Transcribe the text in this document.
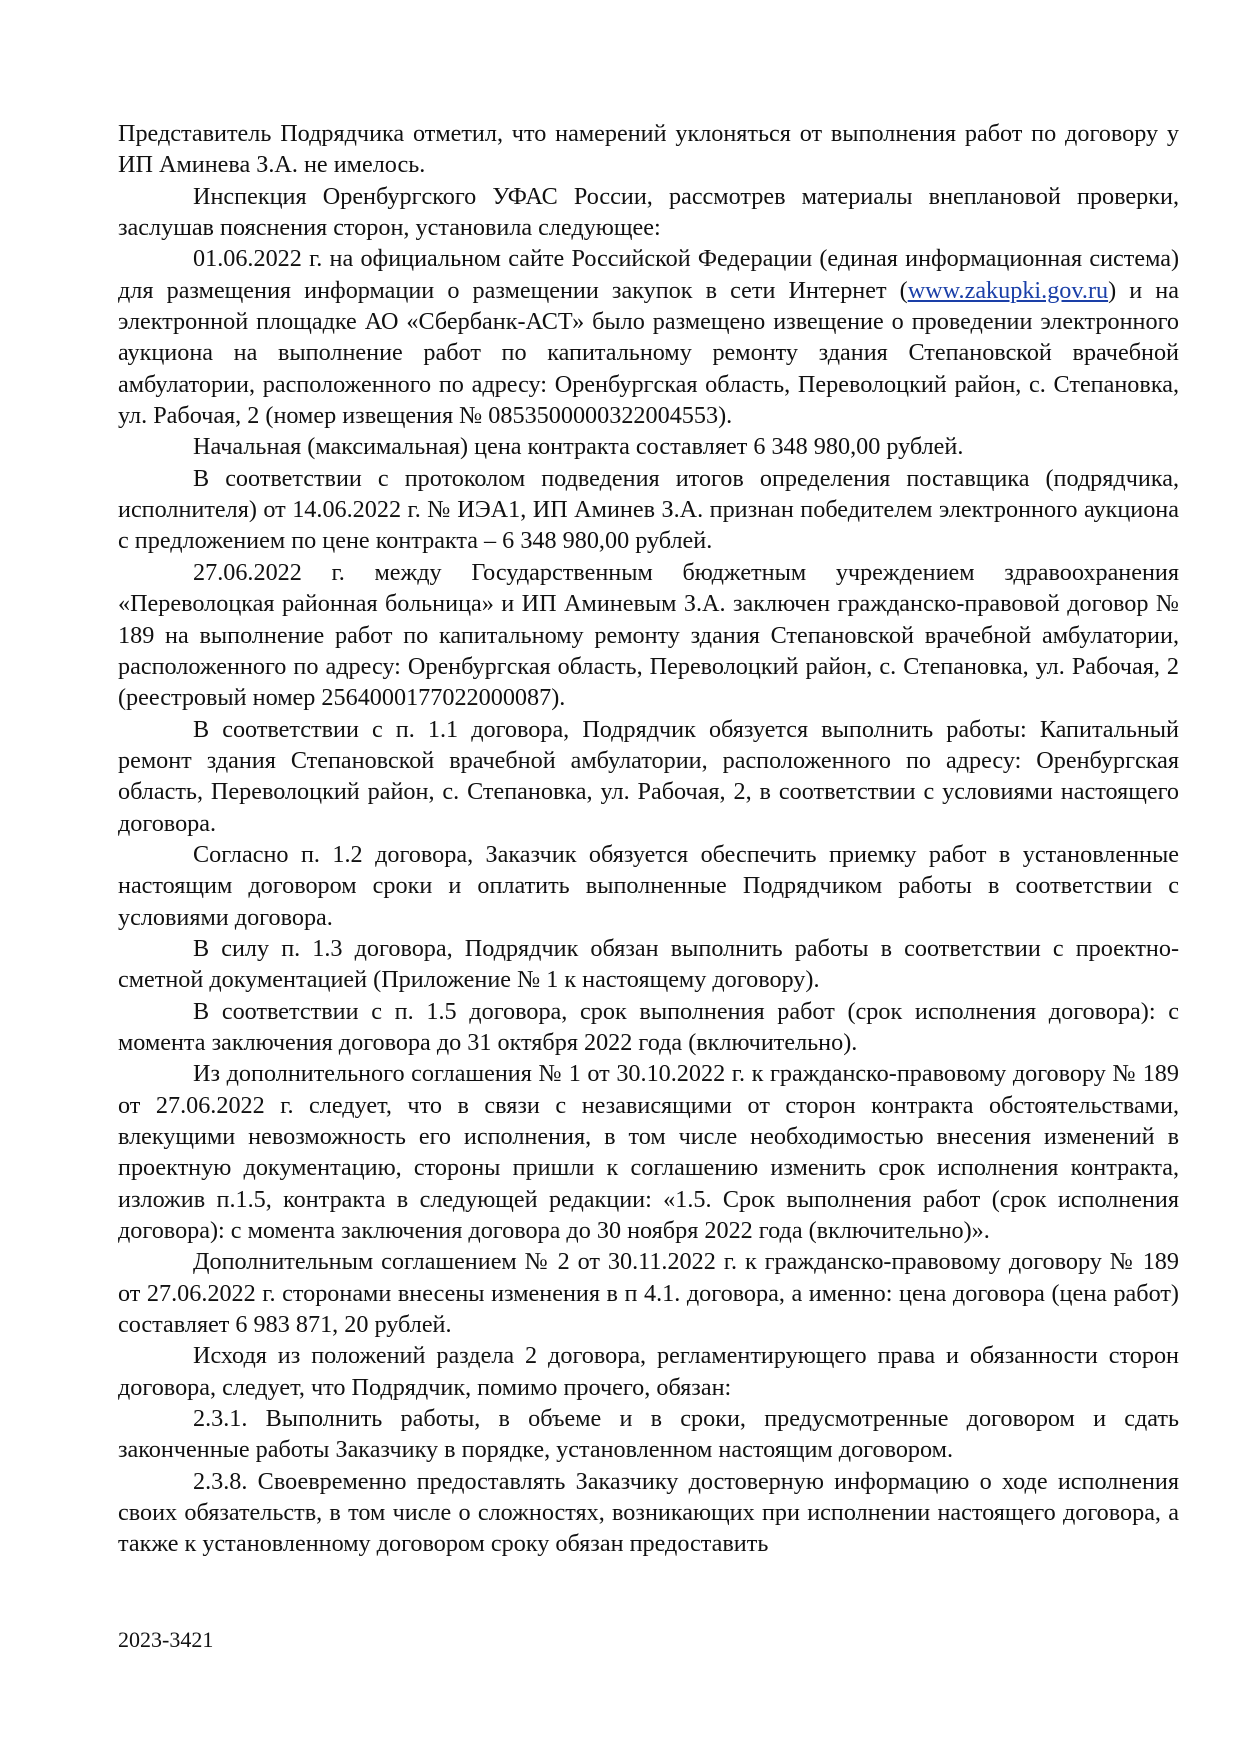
Представитель Подрядчика отметил, что намерений уклоняться от выполнения работ по договору у ИП Аминева З.А. не имелось.

Инспекция Оренбургского УФАС России, рассмотрев материалы внеплановой проверки, заслушав пояснения сторон, установила следующее:

01.06.2022 г. на официальном сайте Российской Федерации (единая информационная система) для размещения информации о размещении закупок в сети Интернет (www.zakupki.gov.ru) и на электронной площадке АО «Сбербанк-АСТ» было размещено извещение о проведении электронного аукциона на выполнение работ по капитальному ремонту здания Степановской врачебной амбулатории, расположенного по адресу: Оренбургская область, Переволоцкий район, с. Степановка, ул. Рабочая, 2 (номер извещения № 0853500000322004553).

Начальная (максимальная) цена контракта составляет 6 348 980,00 рублей.

В соответствии с протоколом подведения итогов определения поставщика (подрядчика, исполнителя) от 14.06.2022 г. № ИЭА1, ИП Аминев З.А. признан победителем электронного аукциона с предложением по цене контракта – 6 348 980,00 рублей.

27.06.2022 г. между Государственным бюджетным учреждением здравоохранения «Переволоцкая районная больница» и ИП Аминевым З.А. заключен гражданско-правовой договор № 189 на выполнение работ по капитальному ремонту здания Степановской врачебной амбулатории, расположенного по адресу: Оренбургская область, Переволоцкий район, с. Степановка, ул. Рабочая, 2 (реестровый номер 2564000177022000087).

В соответствии с п. 1.1 договора, Подрядчик обязуется выполнить работы: Капитальный ремонт здания Степановской врачебной амбулатории, расположенного по адресу: Оренбургская область, Переволоцкий район, с. Степановка, ул. Рабочая, 2, в соответствии с условиями настоящего договора.

Согласно п. 1.2 договора, Заказчик обязуется обеспечить приемку работ в установленные настоящим договором сроки и оплатить выполненные Подрядчиком работы в соответствии с условиями договора.

В силу п. 1.3 договора, Подрядчик обязан выполнить работы в соответствии с проектно-сметной документацией (Приложение № 1 к настоящему договору).

В соответствии с п. 1.5 договора, срок выполнения работ (срок исполнения договора): с момента заключения договора до 31 октября 2022 года (включительно).

Из дополнительного соглашения № 1 от 30.10.2022 г. к гражданско-правовому договору № 189 от 27.06.2022 г. следует, что в связи с независящими от сторон контракта обстоятельствами, влекущими невозможность его исполнения, в том числе необходимостью внесения изменений в проектную документацию, стороны пришли к соглашению изменить срок исполнения контракта, изложив п.1.5, контракта в следующей редакции: «1.5. Срок выполнения работ (срок исполнения договора): с момента заключения договора до 30 ноября 2022 года (включительно)».

Дополнительным соглашением № 2 от 30.11.2022 г. к гражданско-правовому договору № 189 от 27.06.2022 г. сторонами внесены изменения в п 4.1. договора, а именно: цена договора (цена работ) составляет 6 983 871, 20 рублей.

Исходя из положений раздела 2 договора, регламентирующего права и обязанности сторон договора, следует, что Подрядчик, помимо прочего, обязан:

2.3.1. Выполнить работы, в объеме и в сроки, предусмотренные договором и сдать законченные работы Заказчику в порядке, установленном настоящим договором.

2.3.8. Своевременно предоставлять Заказчику достоверную информацию о ходе исполнения своих обязательств, в том числе о сложностях, возникающих при исполнении настоящего договора, а также к установленному договором сроку обязан предоставить

2023-3421
